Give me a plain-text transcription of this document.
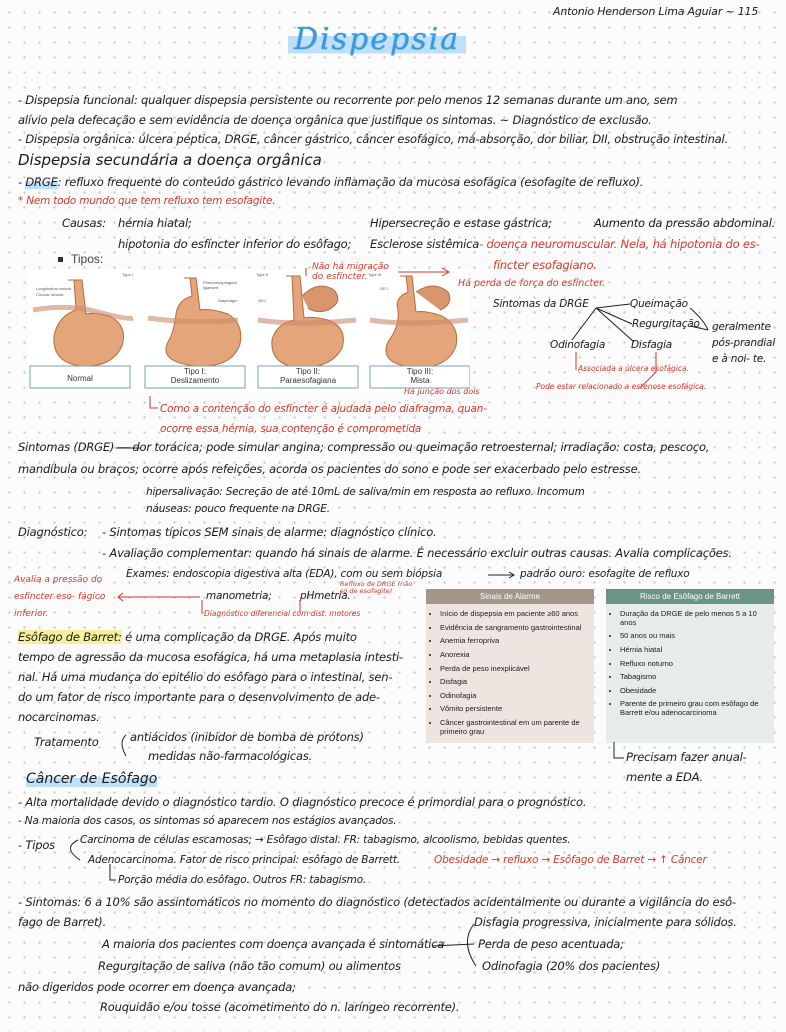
Antonio Henderson Lima Aguiar ~ 115
Dispepsia
- Dispepsia funcional: qualquer dispepsia persistente ou recorrente por pelo menos 12 semanas durante um ano, sem
alívio pela defecação e sem evidência de doença orgânica que justifique os sintomas. ~ Diagnóstico de exclusão.
- Dispepsia orgânica: úlcera péptica, DRGE, câncer gástrico, câncer esofágico, má-absorção, dor biliar, DII, obstrução intestinal.
Dispepsia secundária a doença orgânica
- DRGE: refluxo frequente do conteúdo gástrico levando inflamação da mucosa esofágica (esofagite de refluxo).
* Nem todo mundo que tem refluxo tem esofagite.
Causas: hérnia hiatal;
hipotonia do esfíncter inferior do esôfago;
Hipersecreção e estase gástrica;
Esclerose sistêmica- doença neuromuscular. Nela, há hipotonia do es-
fíncter esofagiano.
Aumento da pressão abdominal.
Tipos:
Longitudinal muscle
Circular muscle
Phrenoesophageal
ligament
Diaphragm
Type I	Type II
GEJ
Type III
GEJ
Normal
Tipo I:
Deslizamento
Tipo II:
Paraesofagiana
Tipo III:
Mista
Não há migração do esfíncter.
Há perda de força do esfíncter.
Há junção dos dois
Como a contenção do esfíncter é ajudada pelo diafragma, quan-
ocorre essa hérnia, sua contenção é comprometida
Sintomas da DRGE	Queimação
Regurgitação
Disfagia
Odinofagia
geralmente pós-prandial e à noi- te.
Associada a úlcera esofágica.
Pode estar relacionado a estenose esofágica.
Sintomas (DRGE) — dor torácica; pode simular angina; compressão ou queimação retroesternal; irradiação: costa, pescoço,
mandíbula ou braços; ocorre após refeições, acorda os pacientes do sono e pode ser exacerbado pelo estresse.
hipersalivação: Secreção de até 10mL de saliva/min em resposta ao refluxo. Incomum
náuseas: pouco frequente na DRGE.
Diagnóstico: - Sintomas típicos SEM sinais de alarme: diagnóstico clínico.
- Avaliação complementar: quando há sinais de alarme. É necessário excluir outras causas. Avalia complicações.
Exames: endoscopia digestiva alta (EDA), com ou sem biópsia	padrão ouro: esofagite de refluxo
manometria;	pHmetria.
Refluxo de DRGE (não só de esofagite)
Avalia a pressão do esfíncter eso- fágico inferior.	Diagnóstico diferencial com dist. motores
Sinais de Alarme
• Início de dispepsia em paciente ≥60 anos
• Evidência de sangramento gastrointestinal
• Anemia ferropriva
• Anorexia
• Perda de peso inexplicável
• Disfagia
• Odinofagia
• Vômito persistente
• Câncer gastrointestinal em um parente de primeiro grau
Risco de Esôfago de Barrett
• Duração da DRGE de pelo menos 5 a 10 anos
• 50 anos ou mais
• Hérnia hiatal
• Refluxo noturno
• Tabagismo
• Obesidade
• Parente de primeiro grau com esôfago de Barrett e/ou adenocarcinoma
Esôfago de Barret: é uma complicação da DRGE. Após muito
tempo de agressão da mucosa esofágica, há uma metaplasia intesti-
nal. Há uma mudança do epitélio do esôfago para o intestinal, sen-
do um fator de risco importante para o desenvolvimento de ade-
nocarcinomas.
Tratamento	antiácidos (inibidor de bomba de prótons)
medidas não-farmacológicas.	Precisam fazer anual-
mente a EDA.
Câncer de Esôfago
- Alta mortalidade devido o diagnóstico tardio. O diagnóstico precoce é primordial para o prognóstico.
- Na maioria dos casos, os sintomas só aparecem nos estágios avançados.
- Tipos Carcinoma de células escamosas; → Esôfago distal. FR: tabagismo, alcoolismo, bebidas quentes.
Adenocarcinoma. Fator de risco principal: esôfago de Barrett.	Obesidade → refluxo → Esôfago de Barret → ↑ Câncer
Porção média do esôfago. Outros FR: tabagismo.
- Sintomas: 6 a 10% são assintomáticos no momento do diagnóstico (detectados acidentalmente ou durante a vigilância do esô-
fago de Barret).
A maioria dos pacientes com doença avançada é sintomática
Disfagia progressiva, inicialmente para sólidos.
Perda de peso acentuada;
Odinofagia (20% dos pacientes)
Regurgitação de saliva (não tão comum) ou alimentos
não digeridos pode ocorrer em doença avançada;
Rouquidão e/ou tosse (acometimento do n. laríngeo recorrente).
